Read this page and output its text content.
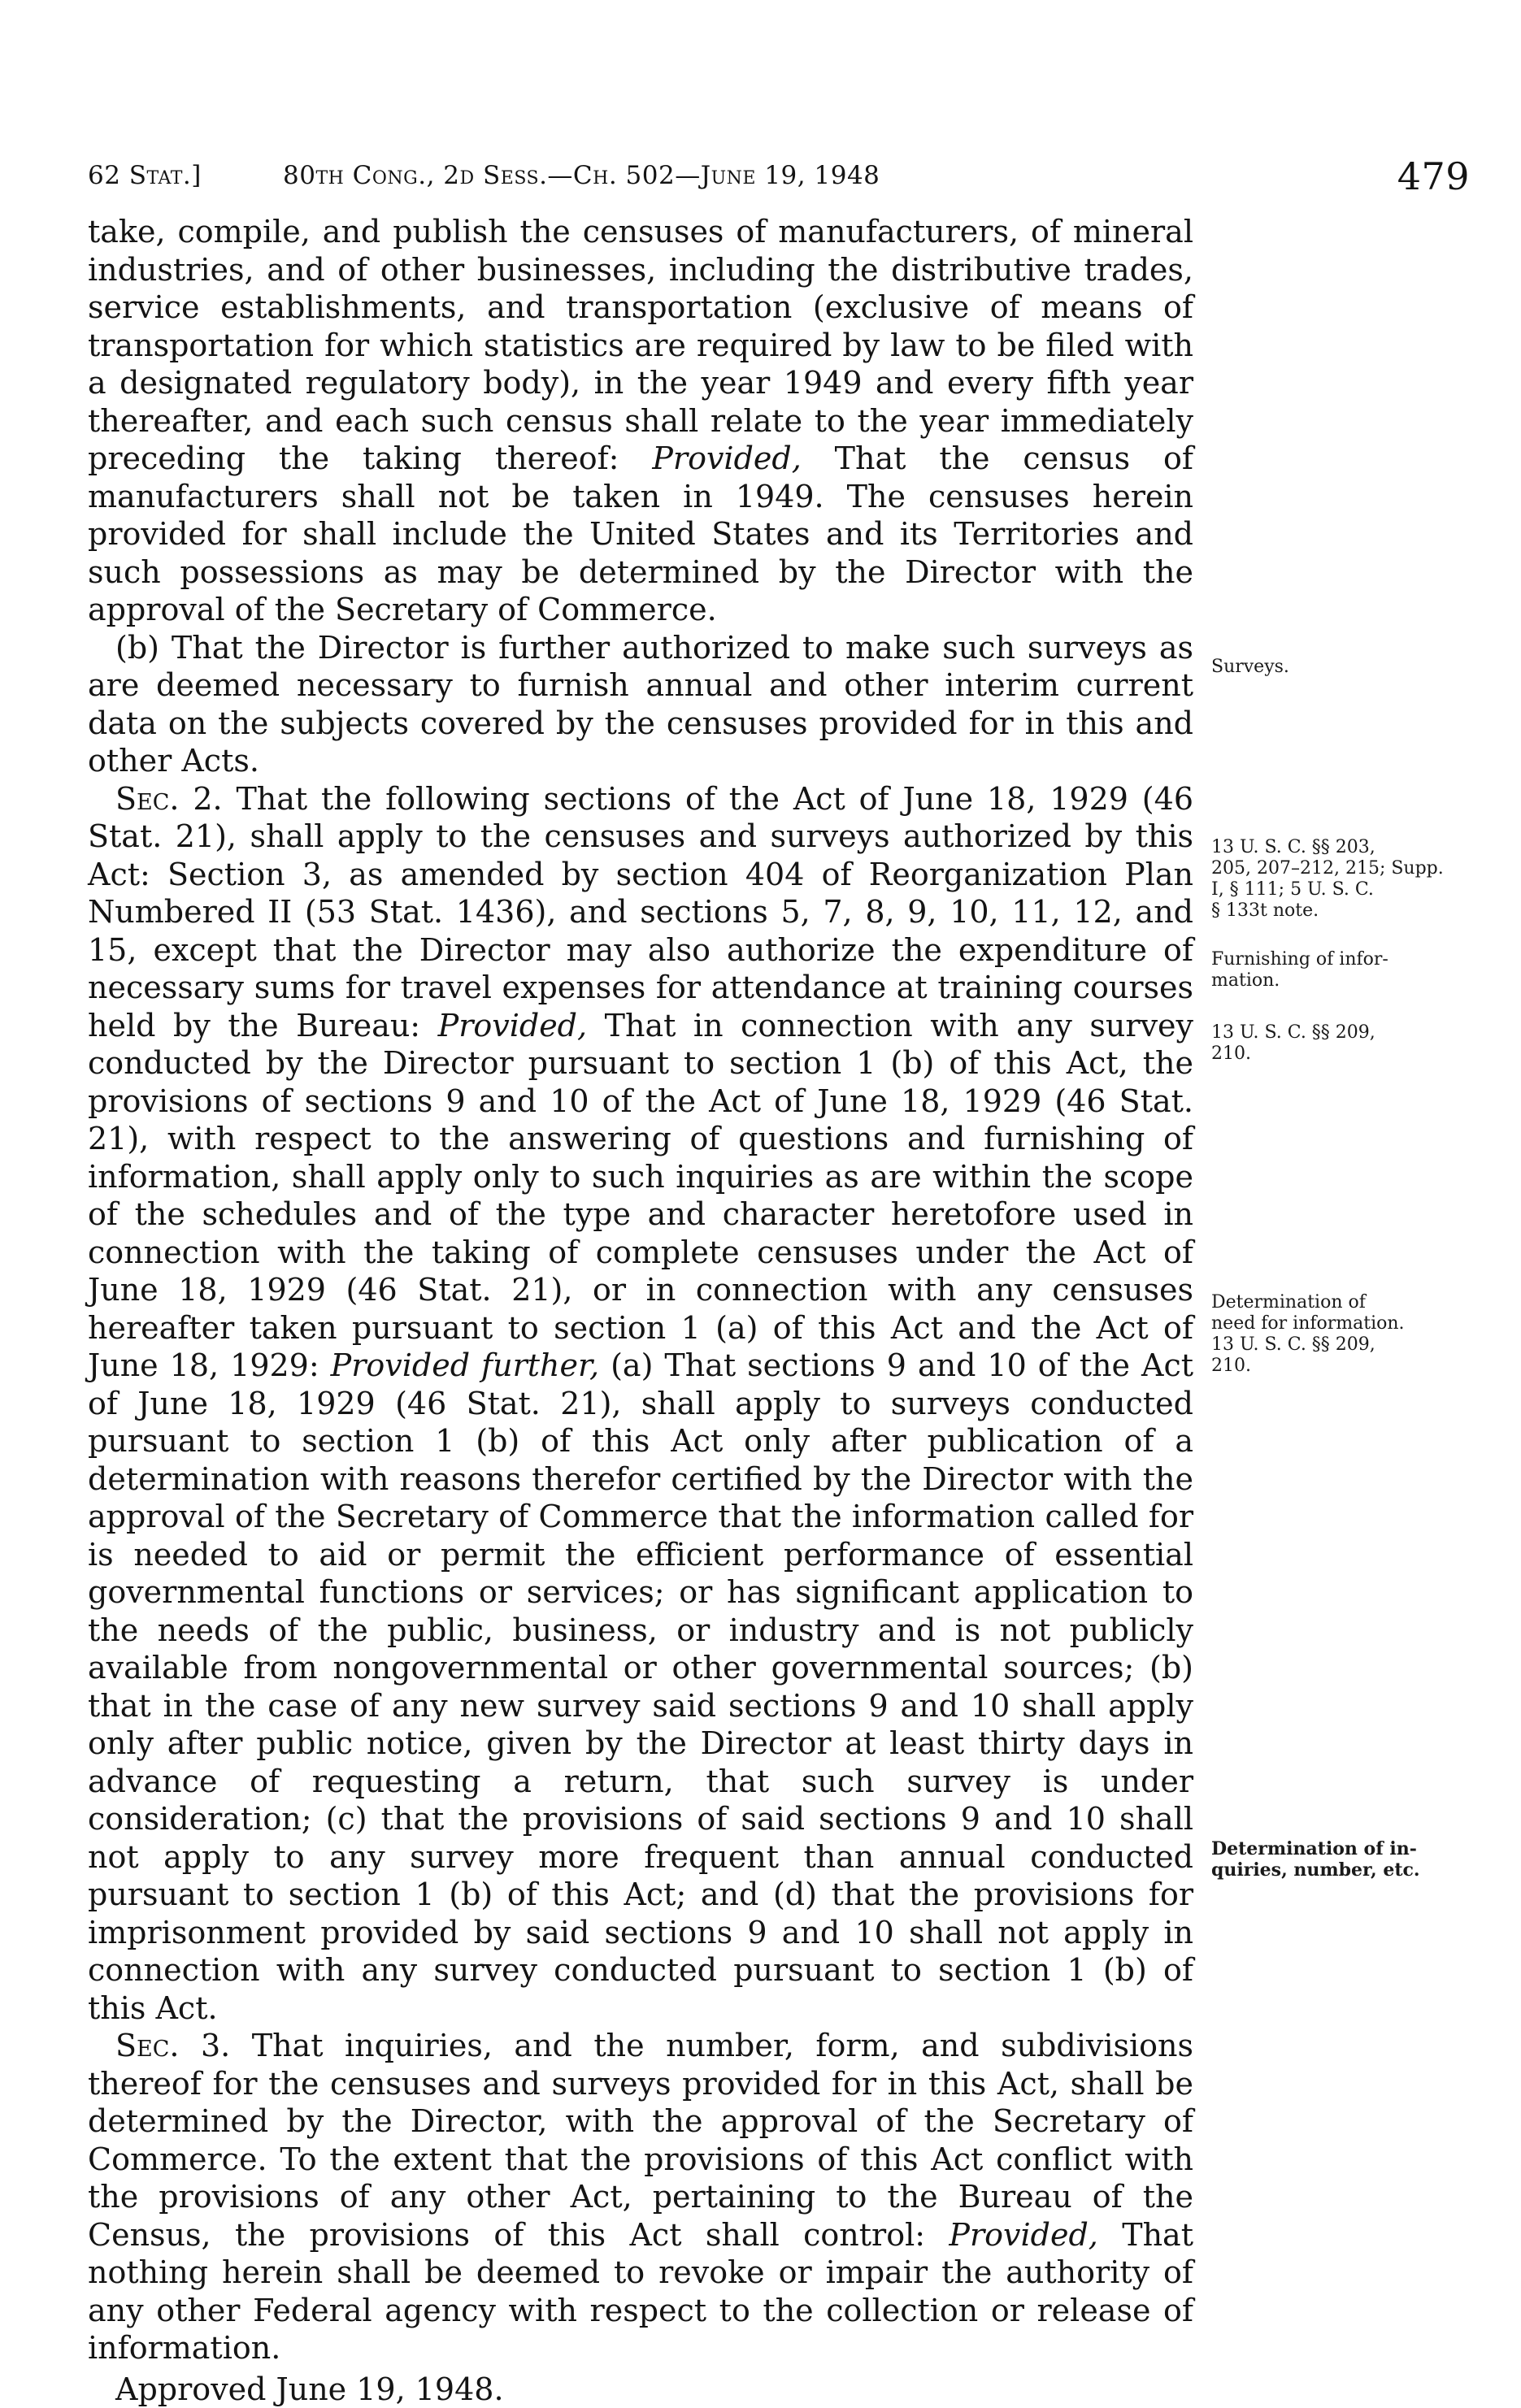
62 Stat.]	80th Cong., 2d Sess.—Ch. 502—June 19, 1948	479

take, compile, and publish the censuses of manufacturers, of mineral industries, and of other businesses, including the distributive trades, service establishments, and transportation (exclusive of means of transportation for which statistics are required by law to be filed with a designated regulatory body), in the year 1949 and every fifth year thereafter, and each such census shall relate to the year immediately preceding the taking thereof: Provided, That the census of manufacturers shall not be taken in 1949. The censuses herein provided for shall include the United States and its Territories and such possessions as may be determined by the Director with the approval of the Secretary of Commerce.

(b) That the Director is further authorized to make such surveys as are deemed necessary to furnish annual and other interim current data on the subjects covered by the censuses provided for in this and other Acts.

Sec. 2. That the following sections of the Act of June 18, 1929 (46 Stat. 21), shall apply to the censuses and surveys authorized by this Act: Section 3, as amended by section 404 of Reorganization Plan Numbered II (53 Stat. 1436), and sections 5, 7, 8, 9, 10, 11, 12, and 15, except that the Director may also authorize the expenditure of necessary sums for travel expenses for attendance at training courses held by the Bureau: Provided, That in connection with any survey conducted by the Director pursuant to section 1 (b) of this Act, the provisions of sections 9 and 10 of the Act of June 18, 1929 (46 Stat. 21), with respect to the answering of questions and furnishing of information, shall apply only to such inquiries as are within the scope of the schedules and of the type and character heretofore used in connection with the taking of complete censuses under the Act of June 18, 1929 (46 Stat. 21), or in connection with any censuses hereafter taken pursuant to section 1 (a) of this Act and the Act of June 18, 1929: Provided further, (a) That sections 9 and 10 of the Act of June 18, 1929 (46 Stat. 21), shall apply to surveys conducted pursuant to section 1 (b) of this Act only after publication of a determination with reasons therefor certified by the Director with the approval of the Secretary of Commerce that the information called for is needed to aid or permit the efficient performance of essential governmental functions or services; or has significant application to the needs of the public, business, or industry and is not publicly available from nongovernmental or other governmental sources; (b) that in the case of any new survey said sections 9 and 10 shall apply only after public notice, given by the Director at least thirty days in advance of requesting a return, that such survey is under consideration; (c) that the provisions of said sections 9 and 10 shall not apply to any survey more frequent than annual conducted pursuant to section 1 (b) of this Act; and (d) that the provisions for imprisonment provided by said sections 9 and 10 shall not apply in connection with any survey conducted pursuant to section 1 (b) of this Act.

Sec. 3. That inquiries, and the number, form, and subdivisions thereof for the censuses and surveys provided for in this Act, shall be determined by the Director, with the approval of the Secretary of Commerce. To the extent that the provisions of this Act conflict with the provisions of any other Act, pertaining to the Bureau of the Census, the provisions of this Act shall control: Provided, That nothing herein shall be deemed to revoke or impair the authority of any other Federal agency with respect to the collection or release of information.

Approved June 19, 1948.

Surveys.
13 U. S. C. §§ 203,
205, 207–212, 215; Supp.
I, § 111; 5 U. S. C.
§ 133t note.
Furnishing of infor-
mation.
13 U. S. C. §§ 209,
210.
Determination of
need for information.
13 U. S. C. §§ 209,
210.
Determination of in-
quiries, number, etc.
